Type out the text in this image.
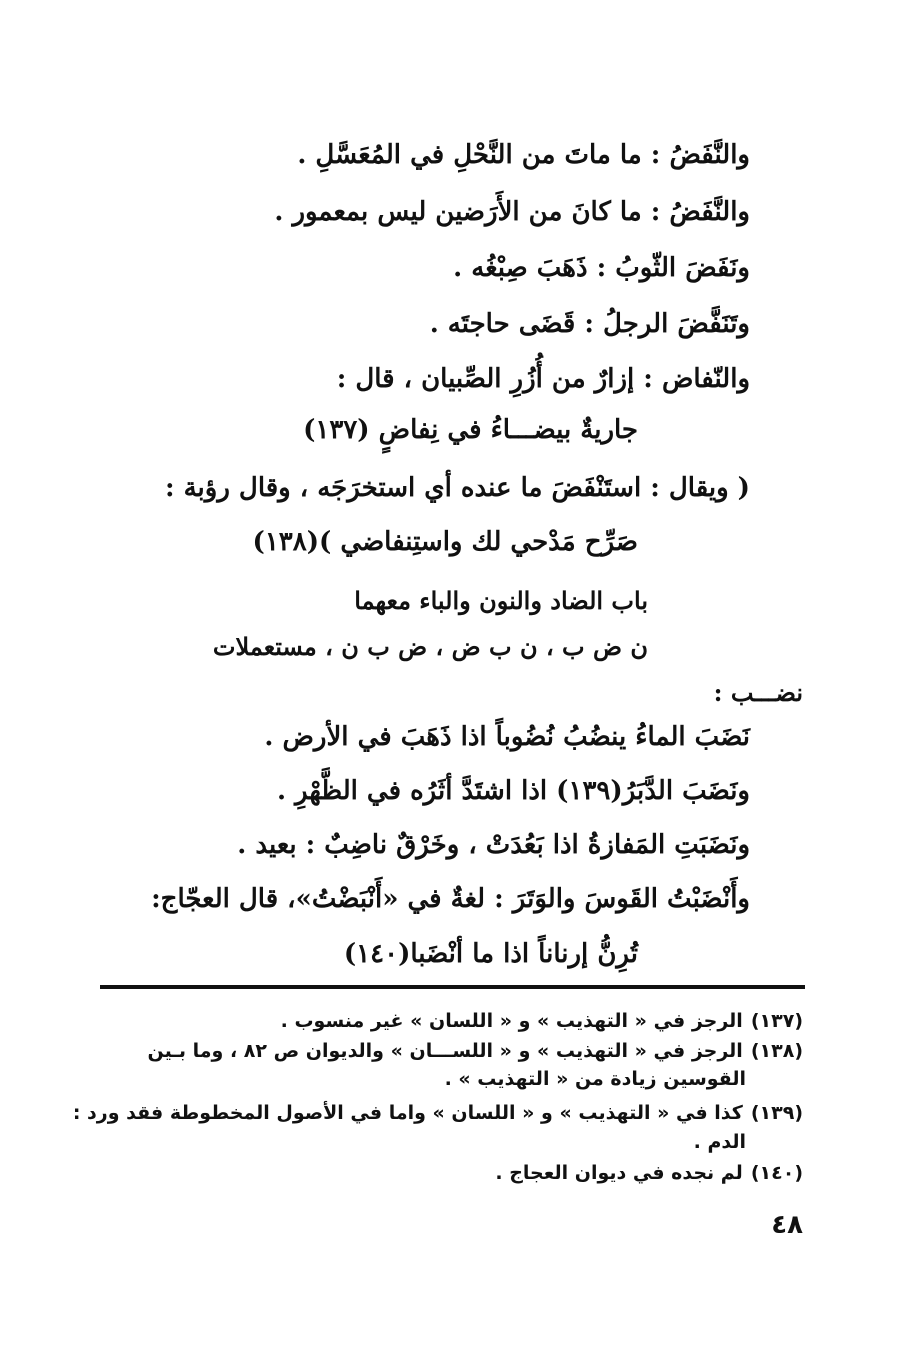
والنَّفَضُ : ما ماتَ من النَّحْلِ في المُعَسَّلِ .
والنَّفَضُ : ما كانَ من الأَرَضين ليس بمعمور .
ونَفَضَ الثّوبُ : ذَهَبَ صِبْغُه .
وتَنَفَّضَ الرجلُ : قَضَى حاجتَه .
والنّفاض : إزارٌ من أُزُرِ الصِّبيان ، قال :
جاريةٌ بيضـــاءُ في نِفاضٍ (١٣٧)
( ويقال : استَنْفَضَ ما عنده أي استخرَجَه ، وقال رؤبة :
صَرِّح مَدْحي لك واستِنفاضي )(١٣٨)
باب الضاد والنون والباء معهما
ن ض ب ، ن ب ض ، ض ب ن ، مستعملات
نضـــب :
نَضَبَ الماءُ ينضُبُ نُضُوباً اذا ذَهَبَ في الأرض .
ونَضَبَ الدَّبَرُ(١٣٩) اذا اشتَدَّ أثَرُه في الظَّهْرِ .
ونَضَبَتِ المَفازةُ اذا بَعُدَتْ ، وخَرْقٌ ناضِبٌ : بعيد .
وأَنْضَبْتُ القَوسَ والوَتَرَ : لغةٌ في «أَنْبَضْتُ»، قال العجّاج:
تُرِنُّ إرناناً اذا ما أنْضَبا(١٤٠)
(١٣٧)الرجز في « التهذيب » و « اللسان » غير منسوب .
(١٣٨)الرجز في « التهذيب » و « اللســـان » والديوان ص ٨٢ ، وما بـين
القوسين زيادة من « التهذيب » .
(١٣٩)كذا في « التهذيب » و « اللسان » واما في الأصول المخطوطة فقد ورد :
الدم .
(١٤٠)لم نجده في ديوان العجاج .
٤٨
